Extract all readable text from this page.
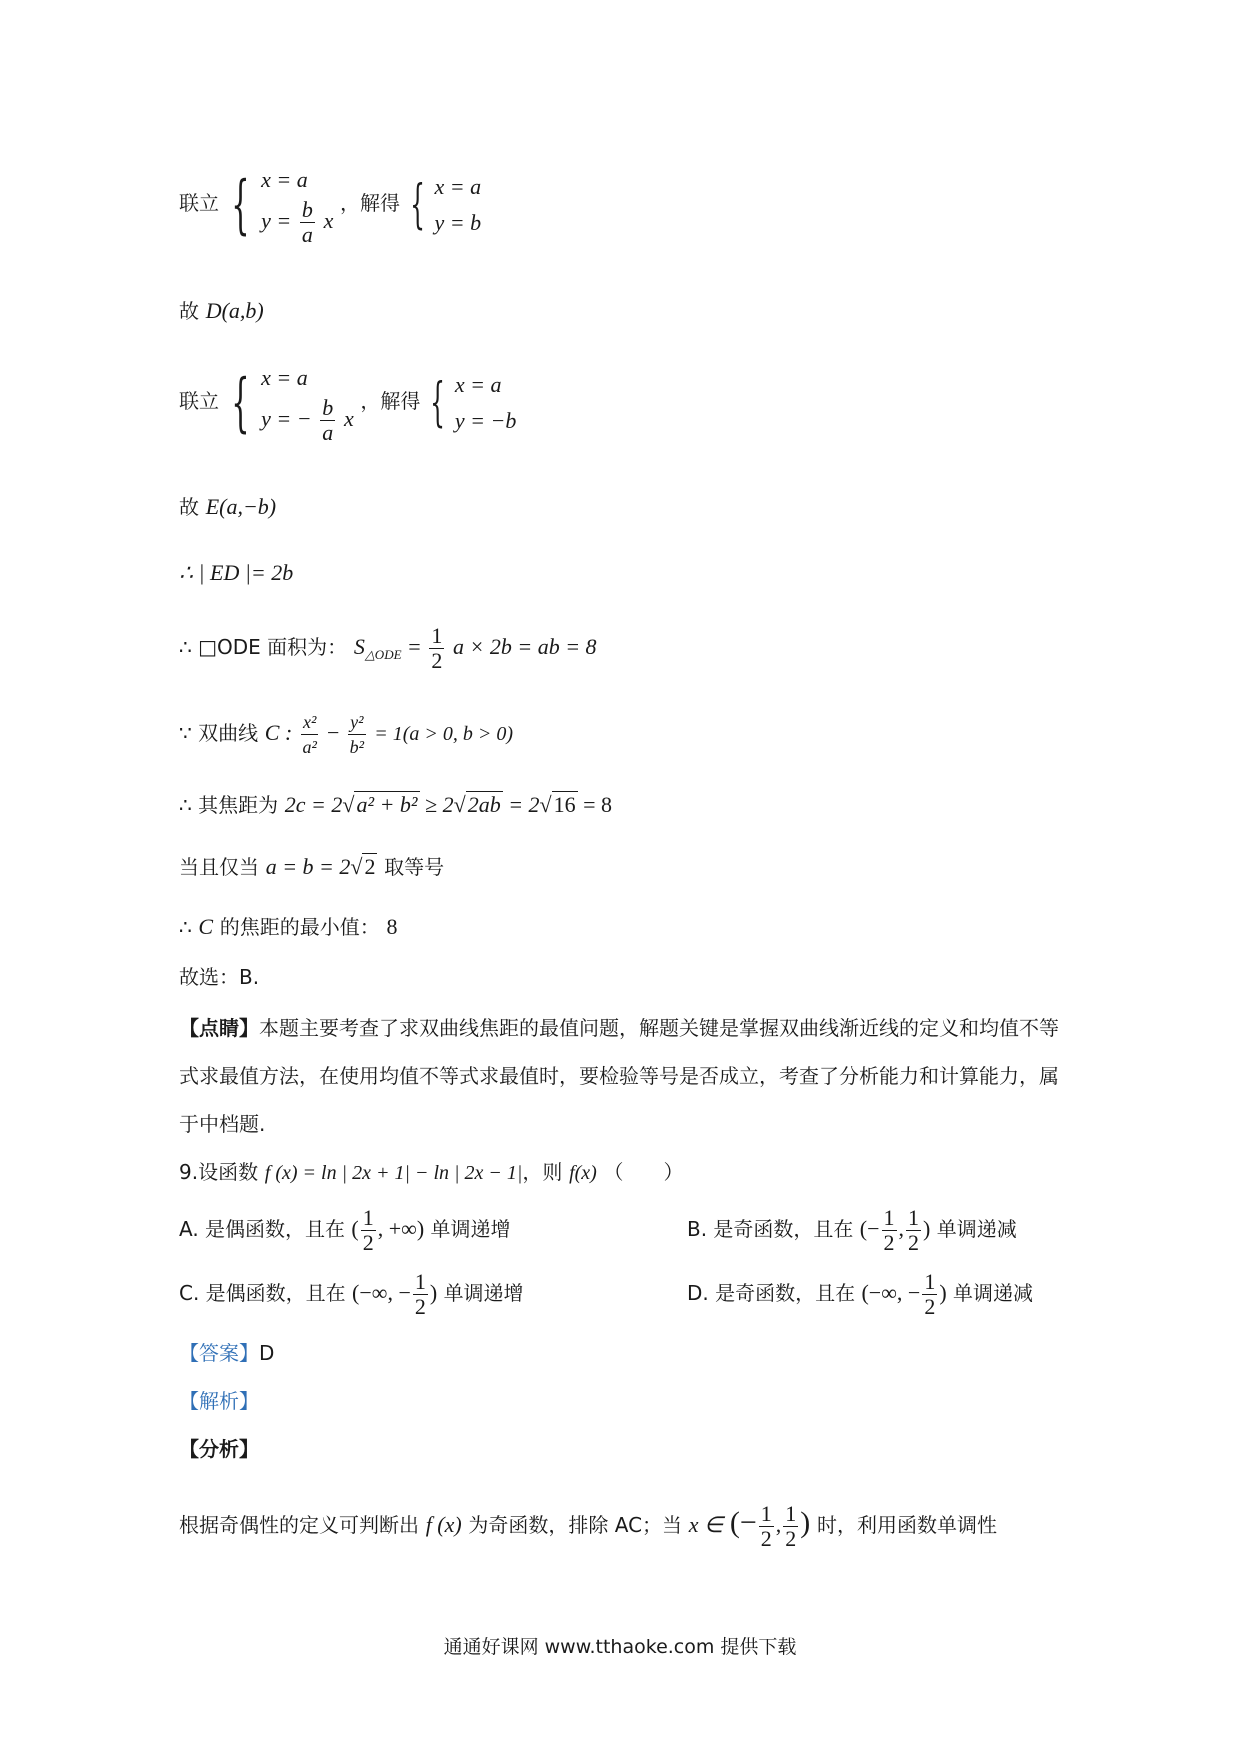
联立 { x = a
$y = \frac{b}{a}$ x
，解得 { x = a
y = b
故 D(a,b)
联立 { x = a
y = − $\frac{b}{a}$ x
，解得 { x = a
y = −b
故 E(a,−b)
∴ | ED |= 2b
∴ □ODE 面积为： $S_{\triangle ODE} = \frac{1}{2}$ a × 2b = ab = 8
∵ 双曲线 C : $\frac{\text{x²}}{\text{a²}} - \frac{\text{y²}}{\text{b²}} = 1(a > 0$, b > 0)
∴ 其焦距为 2c = 2√a² + b² ≥ 2√2ab = 2√16 = 8
当且仅当 a = b = 2√2 取等号
∴ C 的焦距的最小值： 8
故选：B.
【点睛】本题主要考查了求双曲线焦距的最值问题，解题关键是掌握双曲线渐近线的定义和均值不等式求最值方法，在使用均值不等式求最值时，要检验等号是否成立，考查了分析能力和计算能力，属于中档题.
9.设函数 f (x) = ln | 2x + 1| − ln | 2x − 1|，则 f(x) （　　）
A. 是偶函数，且在 ( $\frac{1}{2}$ , +∞) 单调递增	B. 是奇函数，且在 (− $\frac{1}{2}$ , $\frac{1}{2}$ ) 单调递减
C. 是偶函数，且在 (−∞, − $\frac{1}{2}$ ) 单调递增	D. 是奇函数，且在 (−∞, − $\frac{1}{2}$ ) 单调递减
【答案】D
【解析】
【分析】
根据奇偶性的定义可判断出 f (x) 为奇函数，排除 AC；当 x ∈ (− $\frac{1}{2}$ , $\frac{1}{2}$ ) 时，利用函数单调性
通通好课网 www.tthaoke.com 提供下载
